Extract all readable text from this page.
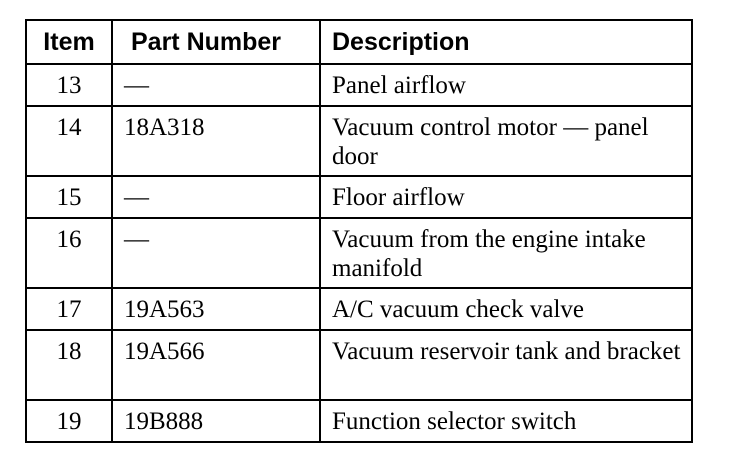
Item	Part Number	Description
13	—	Panel airflow
14	18A318	Vacuum control motor — panel door
15	—	Floor airflow
16	—	Vacuum from the engine intake manifold
17	19A563	A/C vacuum check valve
18	19A566	Vacuum reservoir tank and bracket
19	19B888	Function selector switch
